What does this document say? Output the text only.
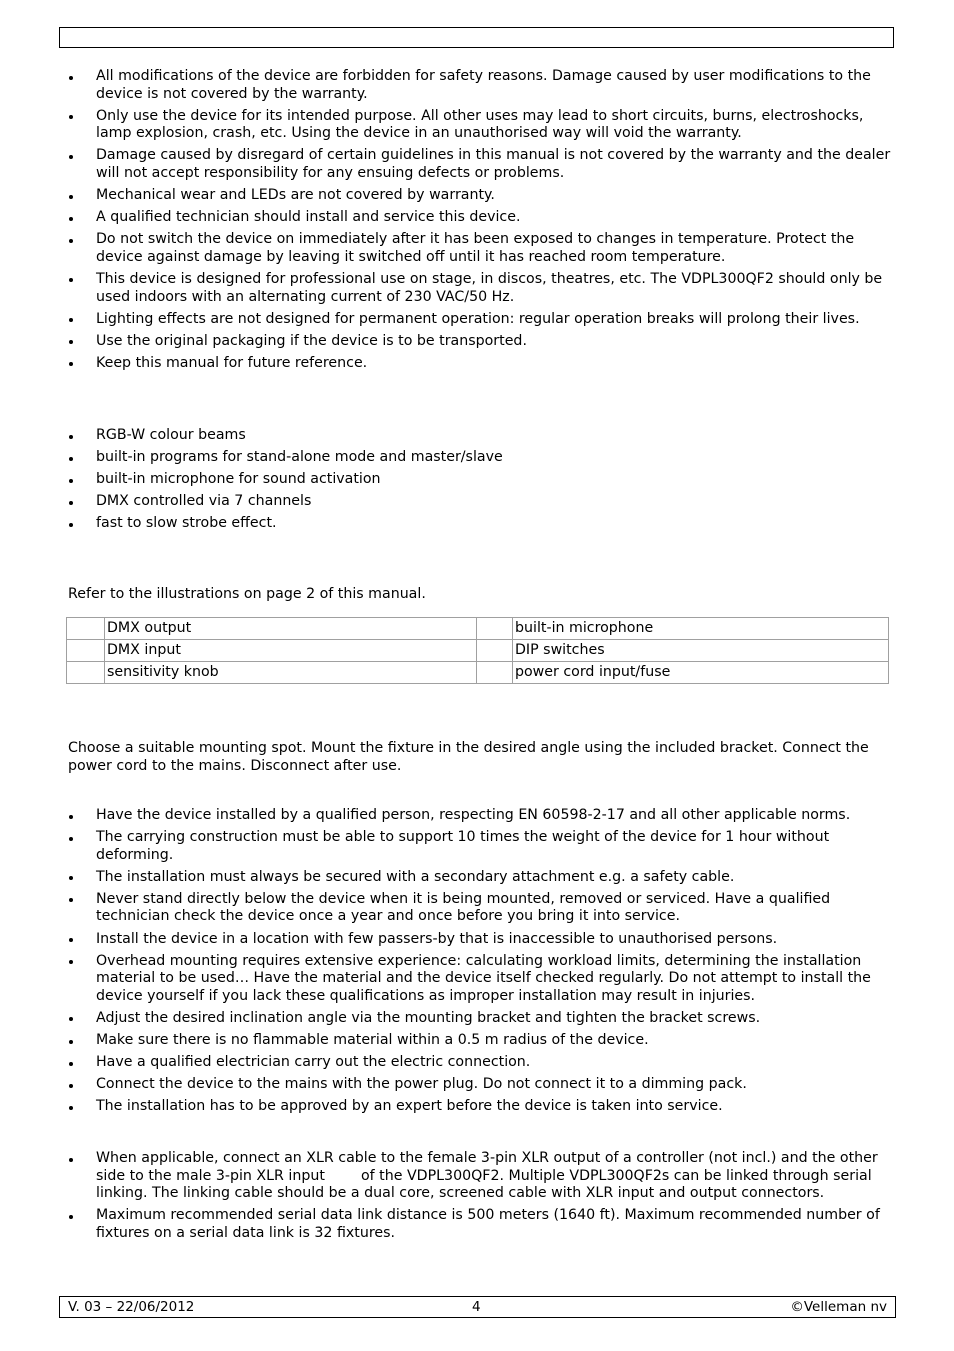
All modifications of the device are forbidden for safety reasons. Damage caused by user modifications to the device is not covered by the warranty.
Only use the device for its intended purpose. All other uses may lead to short circuits, burns, electroshocks, lamp explosion, crash, etc. Using the device in an unauthorised way will void the warranty.
Damage caused by disregard of certain guidelines in this manual is not covered by the warranty and the dealer will not accept responsibility for any ensuing defects or problems.
Mechanical wear and LEDs are not covered by warranty.
A qualified technician should install and service this device.
Do not switch the device on immediately after it has been exposed to changes in temperature. Protect the device against damage by leaving it switched off until it has reached room temperature.
This device is designed for professional use on stage, in discos, theatres, etc. The VDPL300QF2 should only be used indoors with an alternating current of 230 VAC/50 Hz.
Lighting effects are not designed for permanent operation: regular operation breaks will prolong their lives.
Use the original packaging if the device is to be transported.
Keep this manual for future reference.
RGB-W colour beams
built-in programs for stand-alone mode and master/slave
built-in microphone for sound activation
DMX controlled via 7 channels
fast to slow strobe effect.

Refer to the illustrations on page 2 of this manual.

	DMX output		built-in microphone
	DMX input		DIP switches
	sensitivity knob		power cord input/fuse

Choose a suitable mounting spot. Mount the fixture in the desired angle using the included bracket. Connect the power cord to the mains. Disconnect after use.

Have the device installed by a qualified person, respecting EN 60598-2-17 and all other applicable norms.
The carrying construction must be able to support 10 times the weight of the device for 1 hour without deforming.
The installation must always be secured with a secondary attachment e.g. a safety cable.
Never stand directly below the device when it is being mounted, removed or serviced. Have a qualified technician check the device once a year and once before you bring it into service.
Install the device in a location with few passers-by that is inaccessible to unauthorised persons.
Overhead mounting requires extensive experience: calculating workload limits, determining the installation material to be used… Have the material and the device itself checked regularly. Do not attempt to install the device yourself if you lack these qualifications as improper installation may result in injuries.
Adjust the desired inclination angle via the mounting bracket and tighten the bracket screws.
Make sure there is no flammable material within a 0.5 m radius of the device.
Have a qualified electrician carry out the electric connection.
Connect the device to the mains with the power plug. Do not connect it to a dimming pack.
The installation has to be approved by an expert before the device is taken into service.
When applicable, connect an XLR cable to the female 3-pin XLR output of a controller (not incl.) and the other side to the male 3-pin XLR input        of the VDPL300QF2. Multiple VDPL300QF2s can be linked through serial linking. The linking cable should be a dual core, screened cable with XLR input and output connectors.
Maximum recommended serial data link distance is 500 meters (1640 ft). Maximum recommended number of fixtures on a serial data link is 32 fixtures.
V. 03 – 22/06/2012	4	©Velleman nv
